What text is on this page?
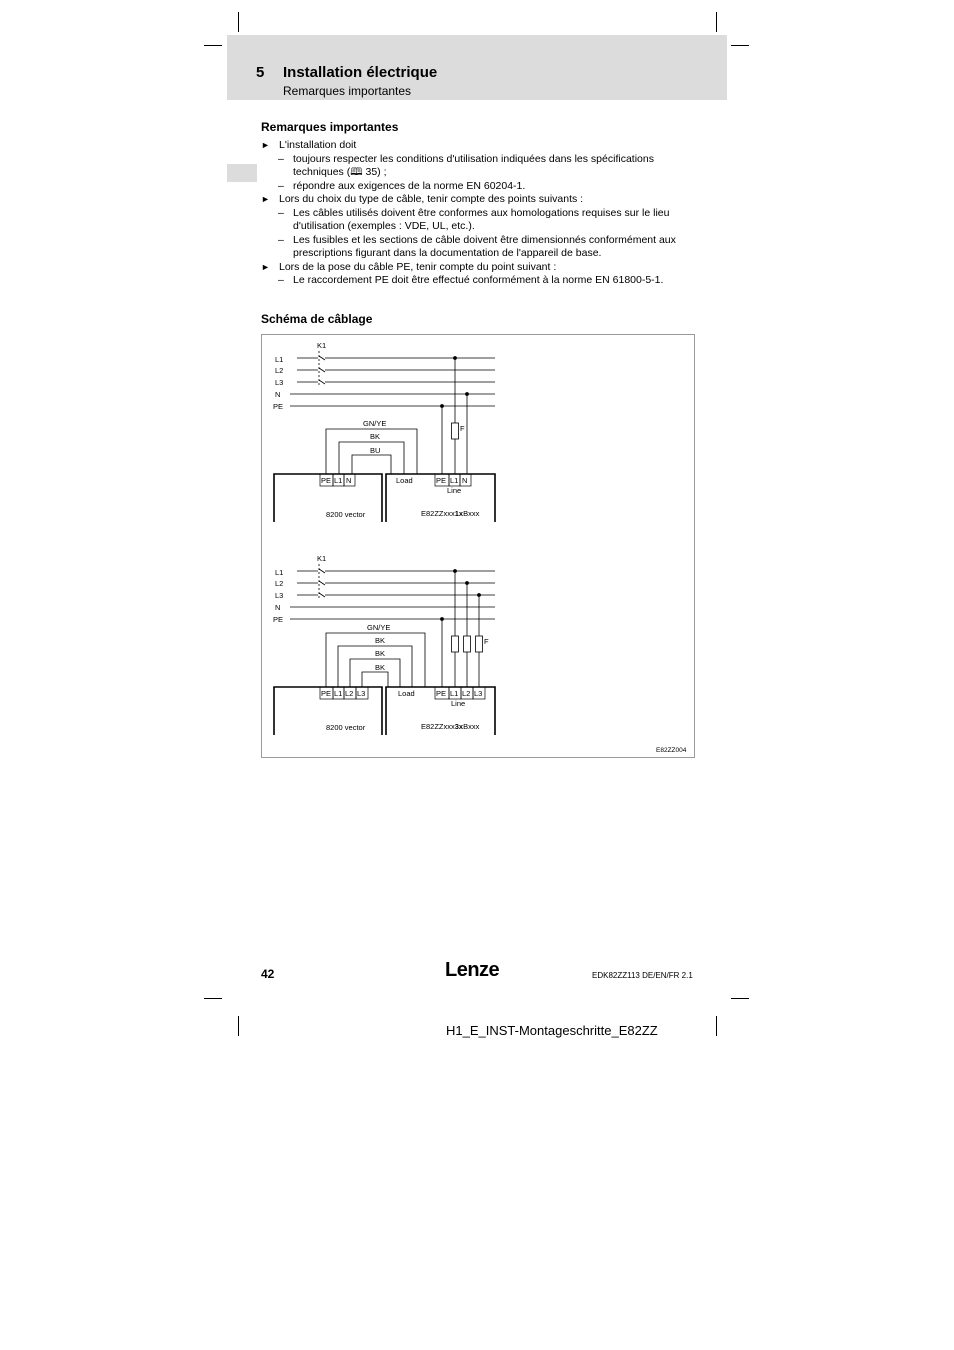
5 Installation électrique
Remarques importantes
Remarques importantes
► L'installation doit
– toujours respecter les conditions d'utilisation indiquées dans les spécifications techniques (🕮 35) ;
– répondre aux exigences de la norme EN 60204-1.
► Lors du choix du type de câble, tenir compte des points suivants :
– Les câbles utilisés doivent être conformes aux homologations requises sur le lieu d'utilisation (exemples : VDE, UL, etc.).
– Les fusibles et les sections de câble doivent être dimensionnés conformément aux prescriptions figurant dans la documentation de l'appareil de base.
► Lors de la pose du câble PE, tenir compte du point suivant :
– Le raccordement PE doit être effectué conformément à la norme EN 61800-5-1.
Schéma de câblage
K1
L1
L2
L3
N
PE
F
GN/YE
BK
BU
PE L1 N
8200 vector
Load	PE L1 N
Line
E82ZZxxx1xBxxx
K1
L1
L2
L3
N
PE
F
GN/YE
BK
BK
BK
PE L1 L2 L3
8200 vector
Load	PE L1 L2 L3
Line
E82ZZxxx3xBxxx
E82ZZ004
42	Lenze	EDK82ZZ113 DE/EN/FR 2.1
H1_E_INST-Montageschritte_E82ZZ
